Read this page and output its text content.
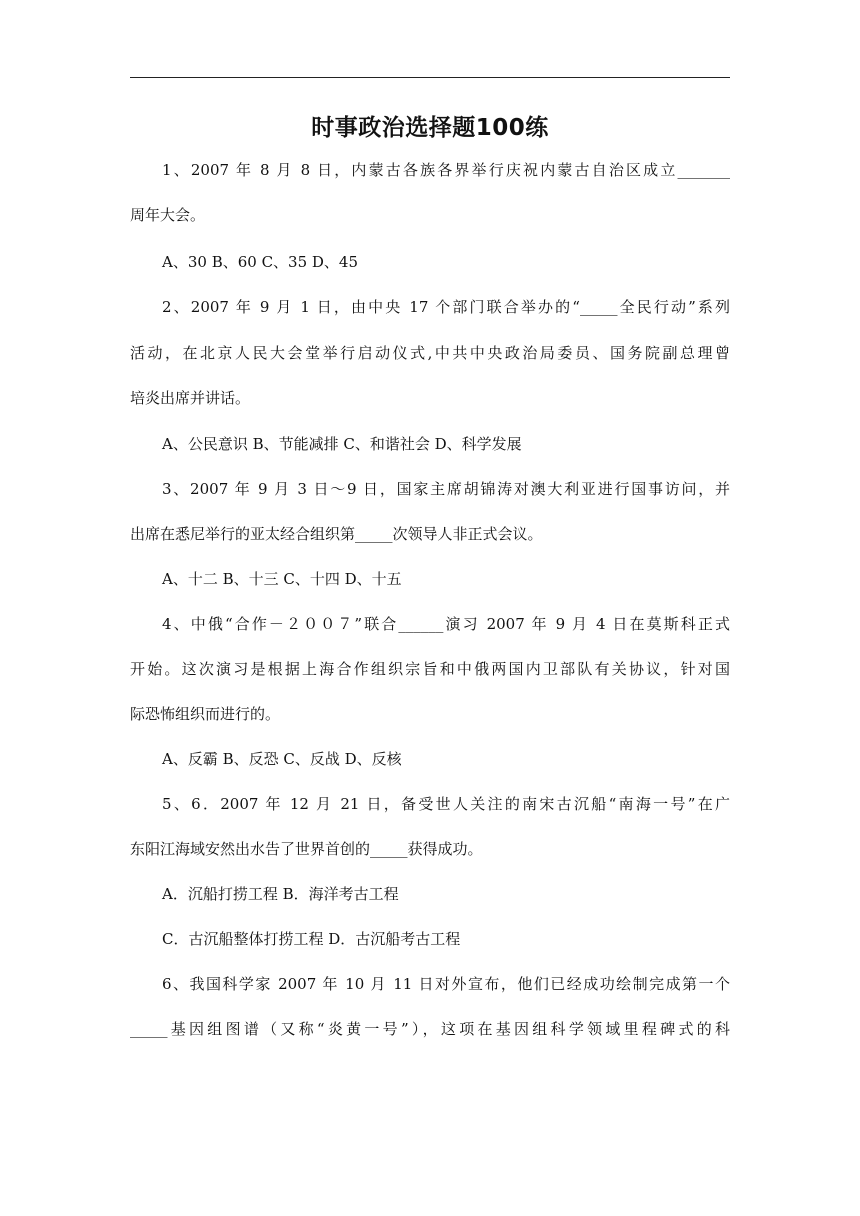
时事政治选择题100练

1、2007 年 8 月 8 日，内蒙古各族各界举行庆祝内蒙古自治区成立_______

周年大会。

A、30 B、60 C、35 D、45

2、2007 年 9 月 1 日，由中央 17 个部门联合举办的“_____全民行动”系列

活动，在北京人民大会堂举行启动仪式,中共中央政治局委员、国务院副总理曾

培炎出席并讲话。

A、公民意识 B、节能减排 C、和谐社会 D、科学发展

3、2007 年 9 月 3 日～9 日，国家主席胡锦涛对澳大利亚进行国事访问，并

出席在悉尼举行的亚太经合组织第_____次领导人非正式会议。

A、十二 B、十三 C、十四 D、十五

4、中俄“合作－２００７”联合______演习 2007 年 9 月 4 日在莫斯科正式

开始。这次演习是根据上海合作组织宗旨和中俄两国内卫部队有关协议，针对国

际恐怖组织而进行的。

A、反霸 B、反恐 C、反战 D、反核

5、6．2007 年 12 月 21 日，备受世人关注的南宋古沉船“南海一号”在广

东阳江海域安然出水告了世界首创的_____获得成功。

A．沉船打捞工程 B．海洋考古工程

C．古沉船整体打捞工程 D．古沉船考古工程

6、我国科学家 2007 年 10 月 11 日对外宣布，他们已经成功绘制完成第一个

_____基因组图谱（又称“炎黄一号”），这项在基因组科学领域里程碑式的科
